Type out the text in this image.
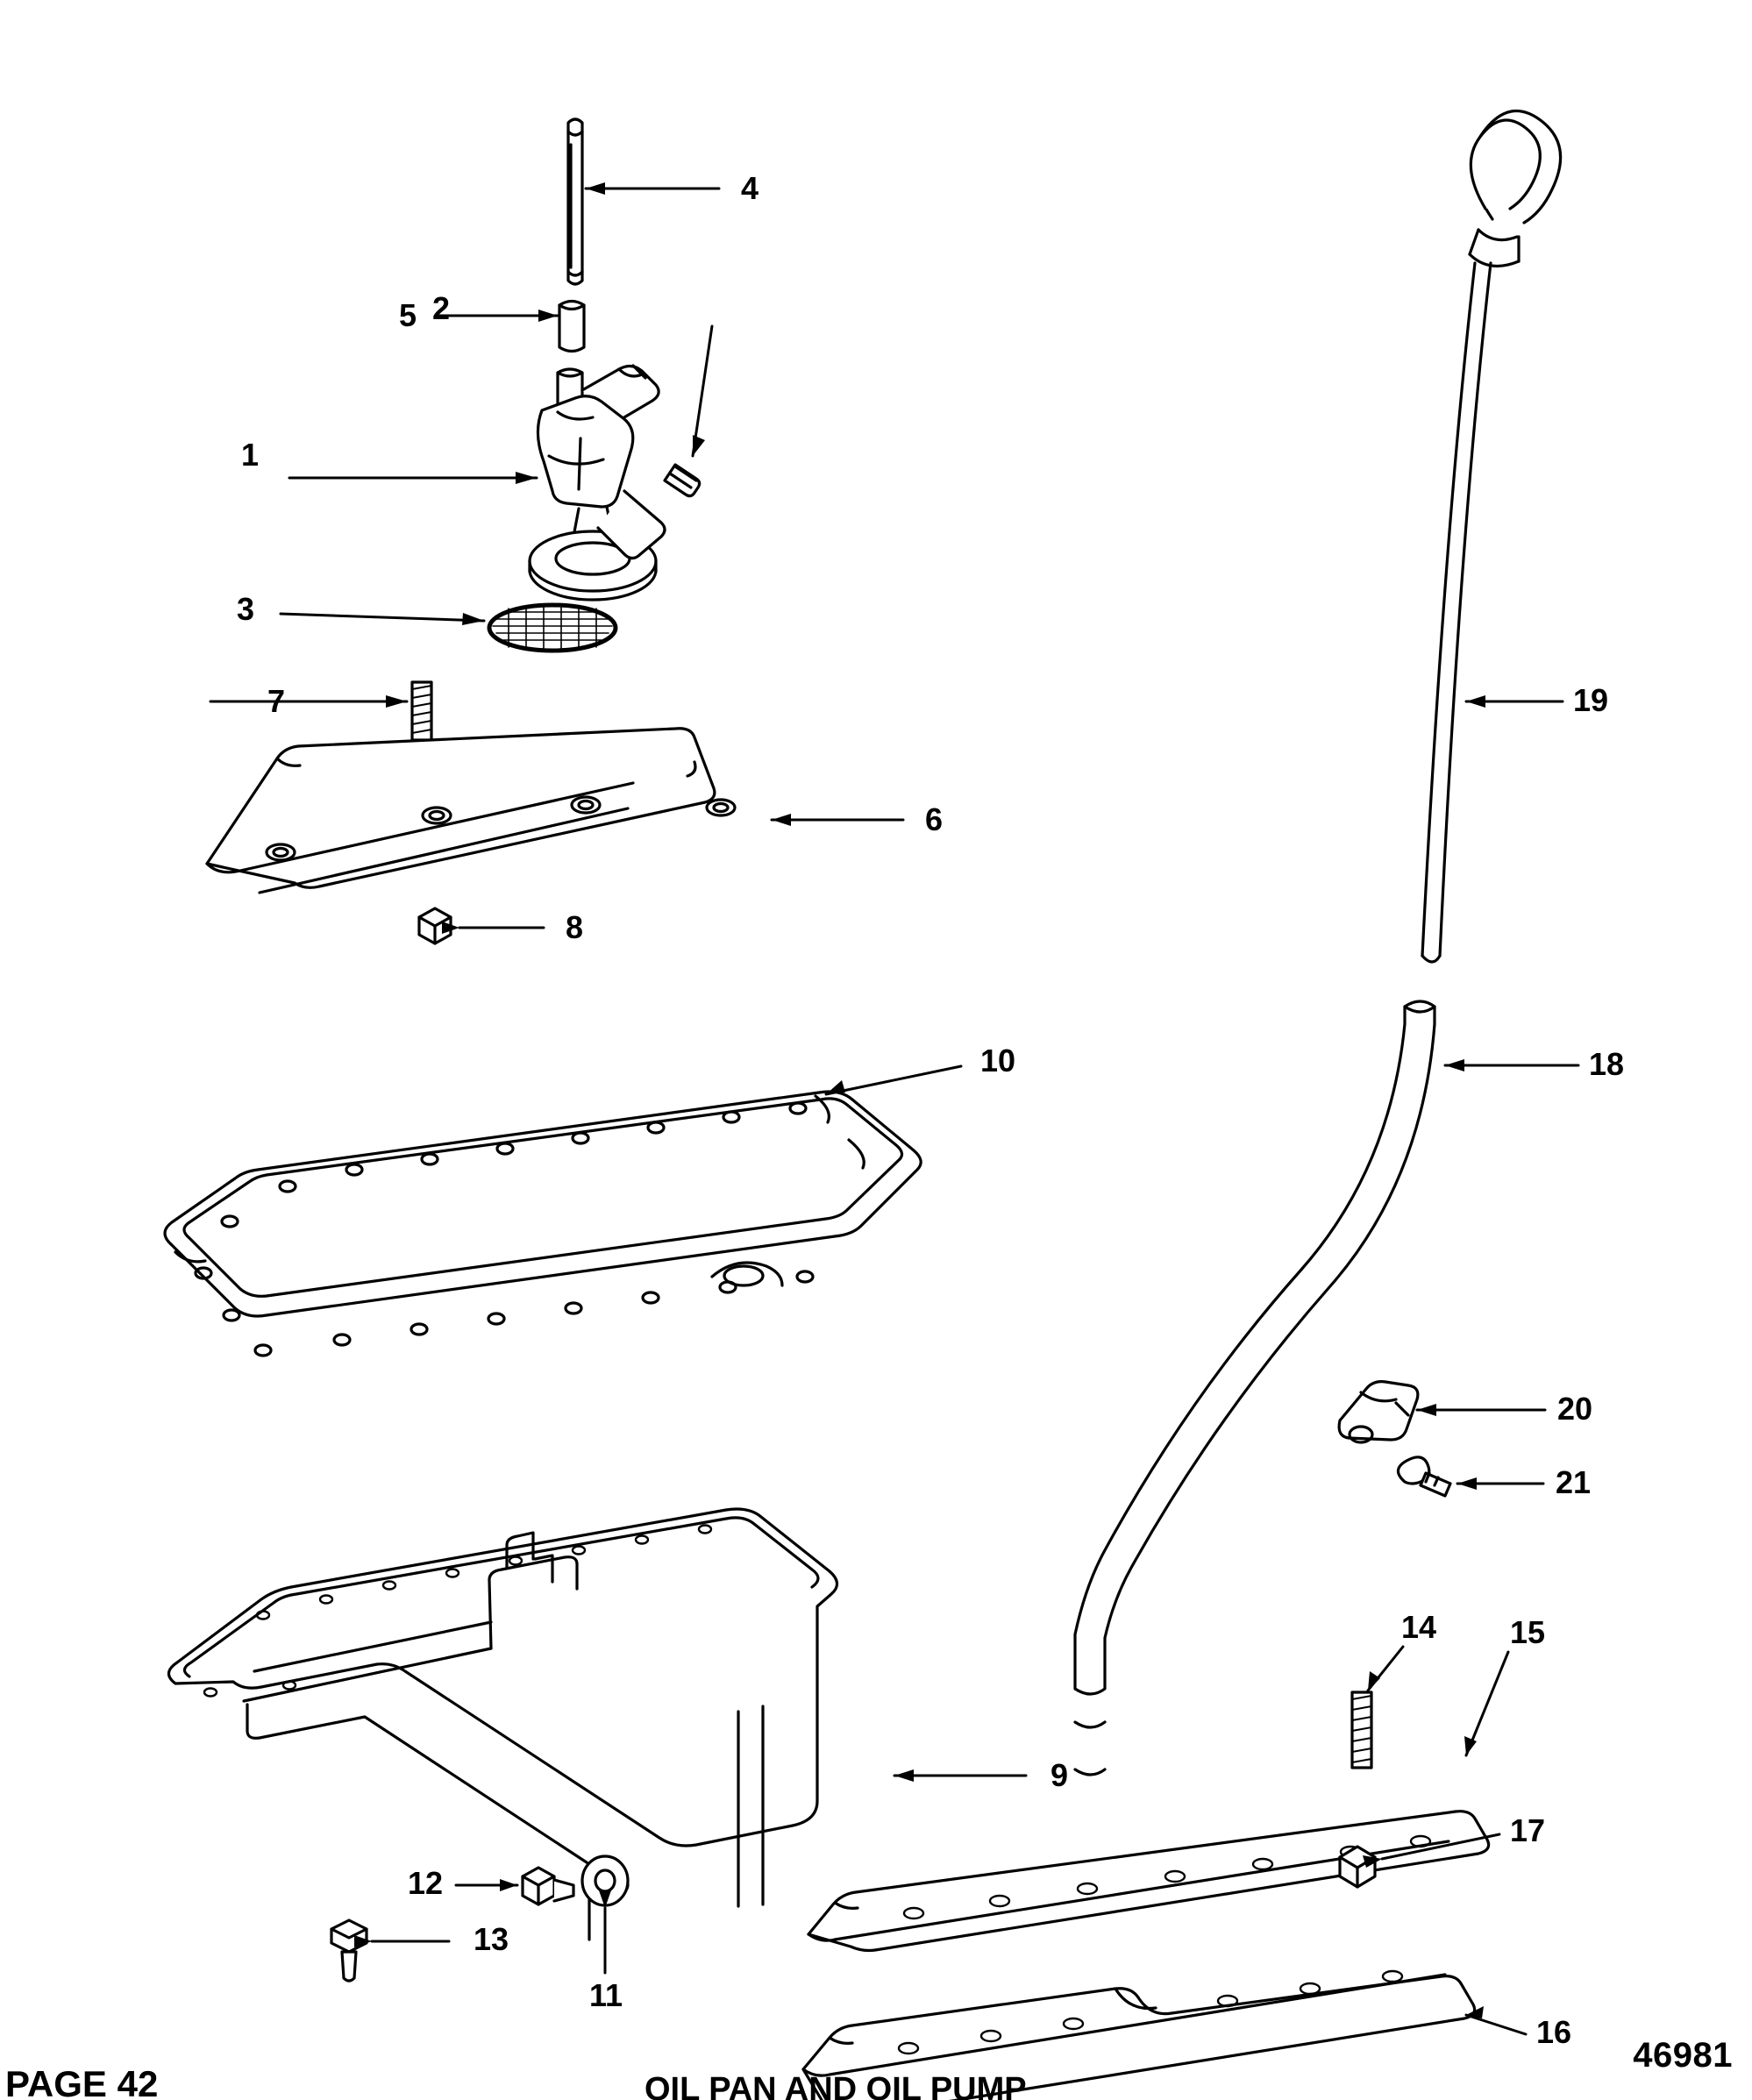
1
2
3
4
5
6
7
8
9
10
11
12
13
14 15
16
17
18
19
20
21
PAGE 42	OIL PAN AND OIL PUMP
46981
